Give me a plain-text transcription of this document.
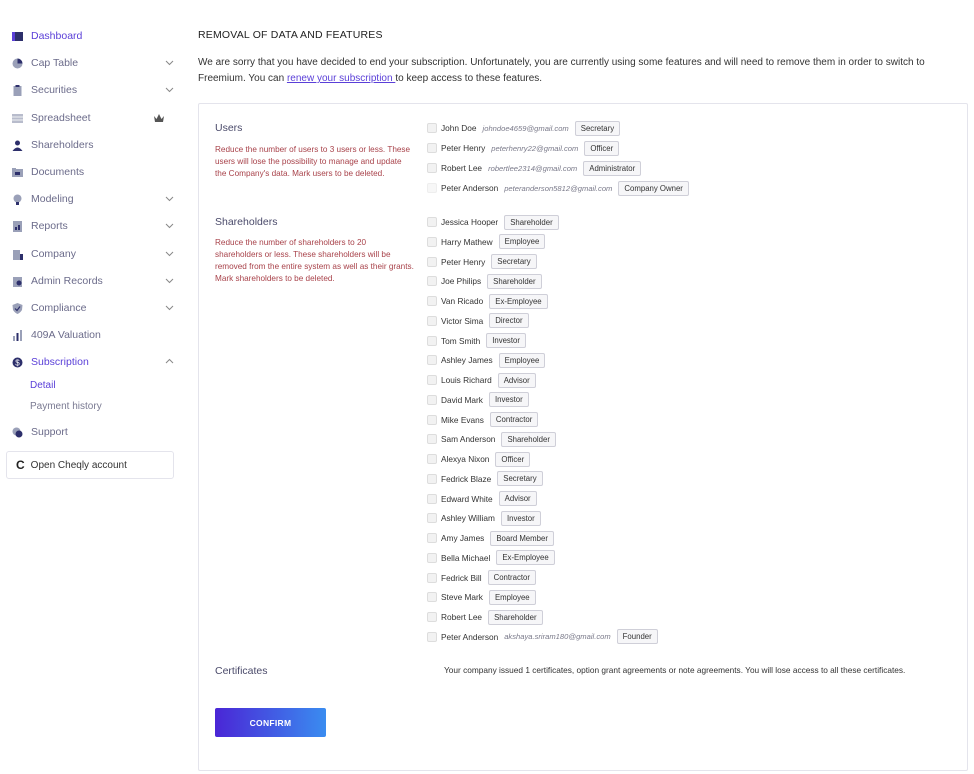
Dashboard
Cap Table
Securities
Spreadsheet
Shareholders
Documents
Modeling
Reports
Company
Admin Records
Compliance
409A Valuation
$ Subscription
Detail
Payment history
Support
C Open Cheqly account
REMOVAL OF DATA AND FEATURES
We are sorry that you have decided to end your subscription. Unfortunately, you are currently using some features and will need to remove them in order to switch to Freemium. You can renew your subscription to keep access to these features.
Users
Reduce the number of users to 3 users or less. These users will lose the possibility to manage and update the Company's data. Mark users to be deleted.
Shareholders
Reduce the number of shareholders to 20 shareholders or less. These shareholders will be removed from the entire system as well as their grants. Mark shareholders to be deleted.
John Doe johndoe4659@gmail.com	Secretary
Peter Henry peterhenry22@gmail.com	Officer
Robert Lee robertlee2314@gmail.com	Administrator
Peter Anderson peteranderson5812@gmail.com	Company Owner
Jessica Hooper	Shareholder
Harry Mathew	Employee
Peter Henry	Secretary
Joe Philips	Shareholder
Van Ricado	Ex-Employee
Victor Sima	Director
Tom Smith	Investor
Ashley James	Employee
Louis Richard	Advisor
David Mark	Investor
Mike Evans	Contractor
Sam Anderson	Shareholder
Alexya Nixon	Officer
Fedrick Blaze	Secretary
Edward White	Advisor
Ashley William	Investor
Amy James	Board Member
Bella Michael	Ex-Employee
Fedrick Bill	Contractor
Steve Mark	Employee
Robert Lee	Shareholder
Peter Anderson akshaya.sriram180@gmail.com	Founder
Certificates	Your company issued 1 certificates, option grant agreements or note agreements. You will lose access to all these certificates.
CONFIRM
